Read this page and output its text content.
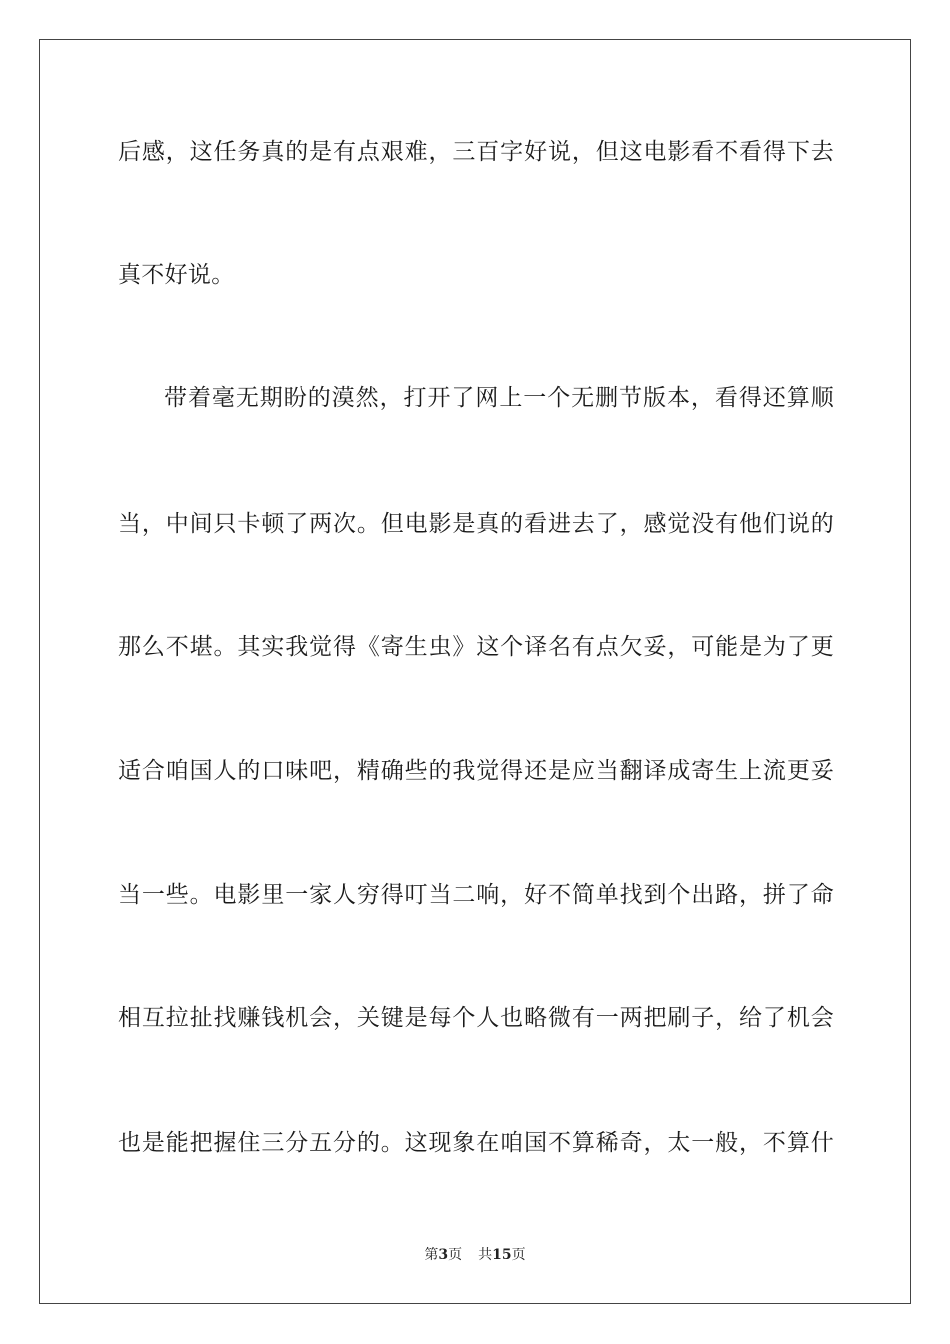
后感，这任务真的是有点艰难，三百字好说，但这电影看不看得下去
真不好说。
带着毫无期盼的漠然，打开了网上一个无删节版本，看得还算顺
当，中间只卡顿了两次。但电影是真的看进去了，感觉没有他们说的
那么不堪。其实我觉得《寄生虫》这个译名有点欠妥，可能是为了更
适合咱国人的口味吧，精确些的我觉得还是应当翻译成寄生上流更妥
当一些。电影里一家人穷得叮当二响，好不简单找到个出路，拼了命
相互拉扯找赚钱机会，关键是每个人也略微有一两把刷子，给了机会
也是能把握住三分五分的。这现象在咱国不算稀奇，太一般，不算什
第3页 共15页
